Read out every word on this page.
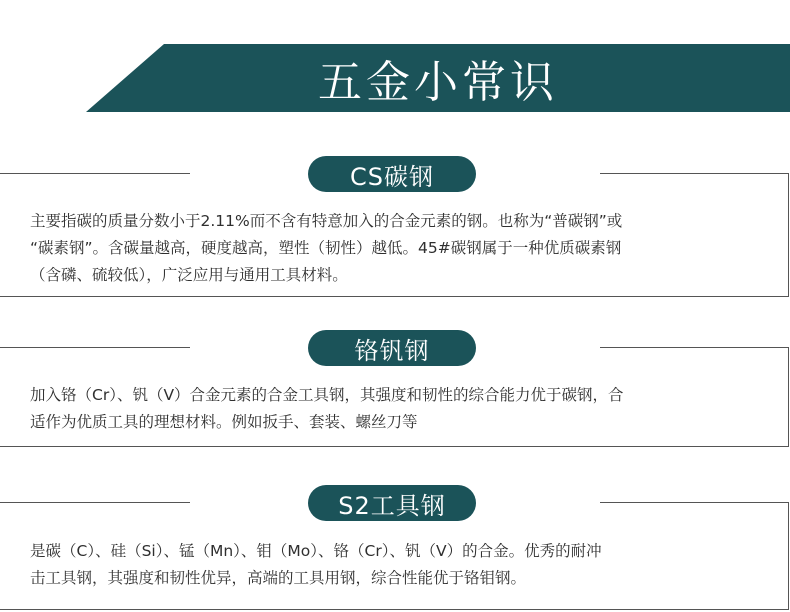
五金小常识
主要指碳的质量分数小于2.11%而不含有特意加入的合金元素的钢。也称为“普碳钢”或
“碳素钢”。含碳量越高，硬度越高，塑性（韧性）越低。45#碳钢属于一种优质碳素钢
（含磷、硫较低），广泛应用与通用工具材料。
CS碳钢
加入铬（Cr）、钒（V）合金元素的合金工具钢，其强度和韧性的综合能力优于碳钢，合
适作为优质工具的理想材料。例如扳手、套装、螺丝刀等
铬钒钢
是碳（C）、硅（Si）、锰（Mn）、钼（Mo）、铬（Cr）、钒（V）的合金。优秀的耐冲
击工具钢，其强度和韧性优异，高端的工具用钢，综合性能优于铬钼钢。
S2工具钢
